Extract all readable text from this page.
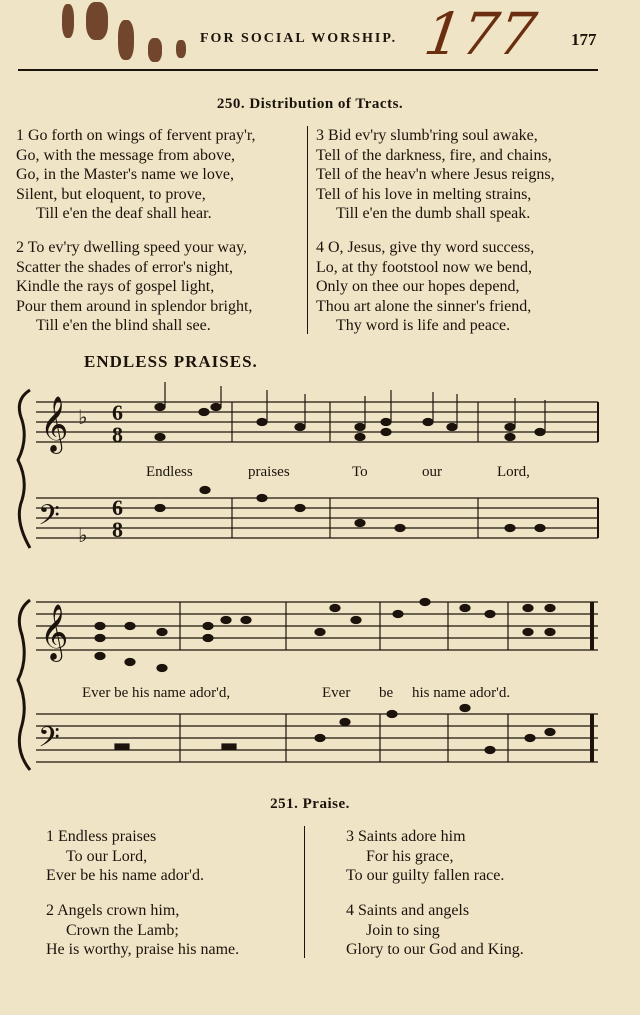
FOR SOCIAL WORSHIP. 177 177
250. Distribution of Tracts.
1 Go forth on wings of fervent pray'r,
Go, with the message from above,
Go, in the Master's name we love,
Silent, but eloquent, to prove,
Till e'en the deaf shall hear.
2 To ev'ry dwelling speed your way,
Scatter the shades of error's night,
Kindle the rays of gospel light,
Pour them around in splendor bright,
Till e'en the blind shall see.
3 Bid ev'ry slumb'ring soul awake,
Tell of the darkness, fire, and chains,
Tell of the heav'n where Jesus reigns,
Tell of his love in melting strains,
Till e'en the dumb shall speak.
4 O, Jesus, give thy word success,
Lo, at thy footstool now we bend,
Only on thee our hopes depend,
Thou art alone the sinner's friend,
Thy word is life and peace.
ENDLESS PRAISES.
𝄞
𝄢
♭
♭
6
8
6
8
Endless	praises	To	our	Lord,
𝄞
𝄢
Ever be his name ador'd,	Ever be his name ador'd.
251. Praise.
1 Endless praises
To our Lord,
Ever be his name ador'd.
2 Angels crown him,
Crown the Lamb;
He is worthy, praise his name.
3 Saints adore him
For his grace,
To our guilty fallen race.
4 Saints and angels
Join to sing
Glory to our God and King.
